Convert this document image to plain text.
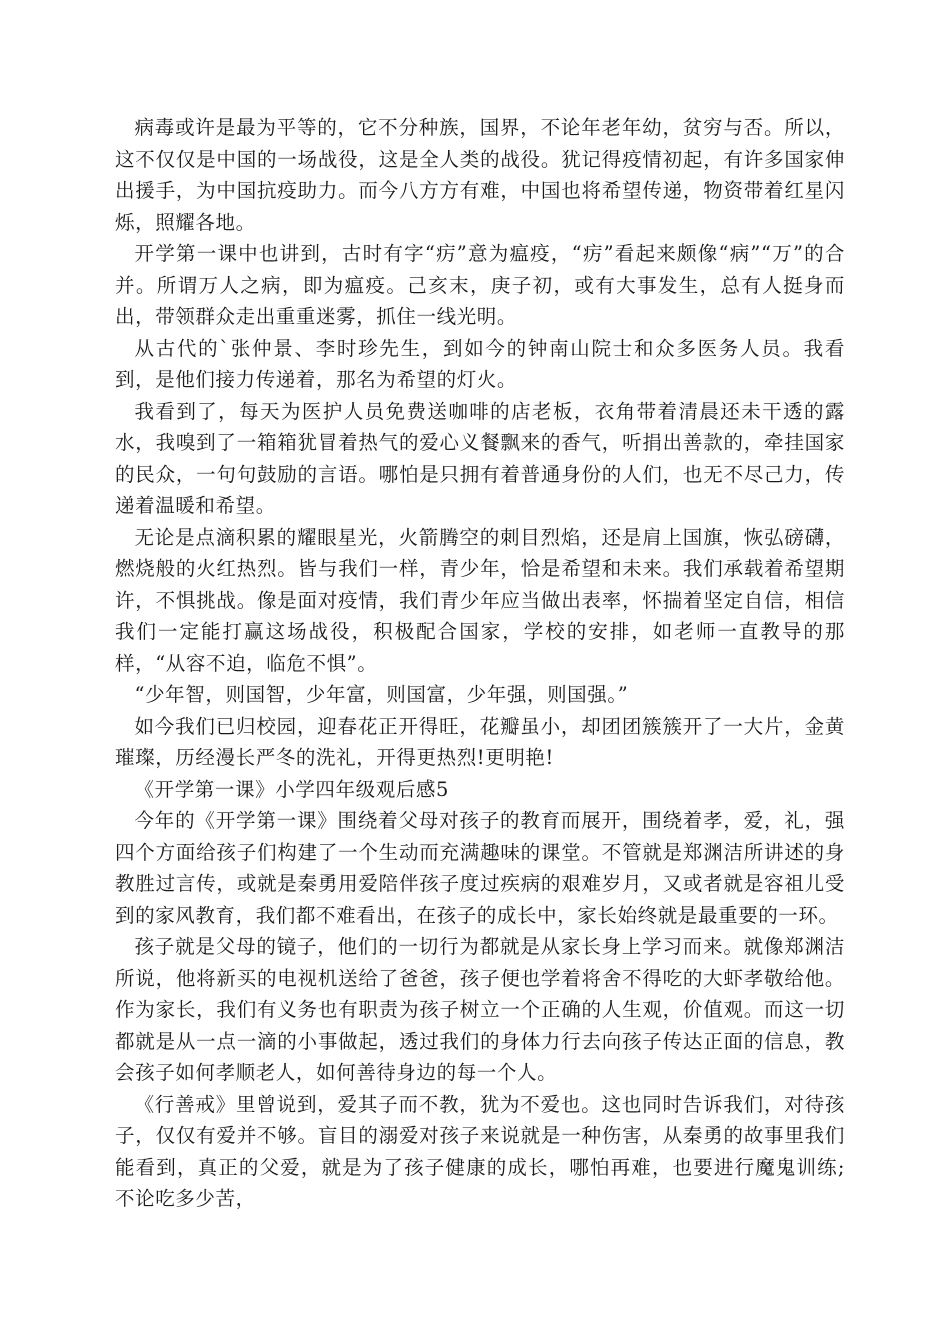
病毒或许是最为平等的，它不分种族，国界，不论年老年幼，贫穷与否。所以，这不仅仅是中国的一场战役，这是全人类的战役。犹记得疫情初起，有许多国家伸出援手，为中国抗疫助力。而今八方方有难，中国也将希望传递，物资带着红星闪烁，照耀各地。

开学第一课中也讲到，古时有字“疠”意为瘟疫，“疠”看起来颇像“病”“万”的合并。所谓万人之病，即为瘟疫。己亥末，庚子初，或有大事发生，总有人挺身而出，带领群众走出重重迷雾，抓住一线光明。

从古代的`张仲景、李时珍先生，到如今的钟南山院士和众多医务人员。我看到，是他们接力传递着，那名为希望的灯火。

我看到了，每天为医护人员免费送咖啡的店老板，衣角带着清晨还未干透的露水，我嗅到了一箱箱犹冒着热气的爱心义餐飘来的香气，听捐出善款的，牵挂国家的民众，一句句鼓励的言语。哪怕是只拥有着普通身份的人们，也无不尽己力，传递着温暖和希望。

无论是点滴积累的耀眼星光，火箭腾空的刺目烈焰，还是肩上国旗，恢弘磅礴，燃烧般的火红热烈。皆与我们一样，青少年，恰是希望和未来。我们承载着希望期许，不惧挑战。像是面对疫情，我们青少年应当做出表率，怀揣着坚定自信，相信我们一定能打赢这场战役，积极配合国家，学校的安排，如老师一直教导的那样，“从容不迫，临危不惧”。

“少年智，则国智，少年富，则国富，少年强，则国强。”

如今我们已归校园，迎春花正开得旺，花瓣虽小，却团团簇簇开了一大片，金黄璀璨，历经漫长严冬的洗礼，开得更热烈!更明艳!

《开学第一课》小学四年级观后感5

今年的《开学第一课》围绕着父母对孩子的教育而展开，围绕着孝，爱，礼，强四个方面给孩子们构建了一个生动而充满趣味的课堂。不管就是郑渊洁所讲述的身教胜过言传，或就是秦勇用爱陪伴孩子度过疾病的艰难岁月，又或者就是容祖儿受到的家风教育，我们都不难看出，在孩子的成长中，家长始终就是最重要的一环。

孩子就是父母的镜子，他们的一切行为都就是从家长身上学习而来。就像郑渊洁所说，他将新买的电视机送给了爸爸，孩子便也学着将舍不得吃的大虾孝敬给他。作为家长，我们有义务也有职责为孩子树立一个正确的人生观，价值观。而这一切都就是从一点一滴的小事做起，透过我们的身体力行去向孩子传达正面的信息，教会孩子如何孝顺老人，如何善待身边的每一个人。

《行善戒》里曾说到，爱其子而不教，犹为不爱也。这也同时告诉我们，对待孩子，仅仅有爱并不够。盲目的溺爱对孩子来说就是一种伤害，从秦勇的故事里我们能看到，真正的父爱，就是为了孩子健康的成长，哪怕再难，也要进行魔鬼训练;不论吃多少苦，
